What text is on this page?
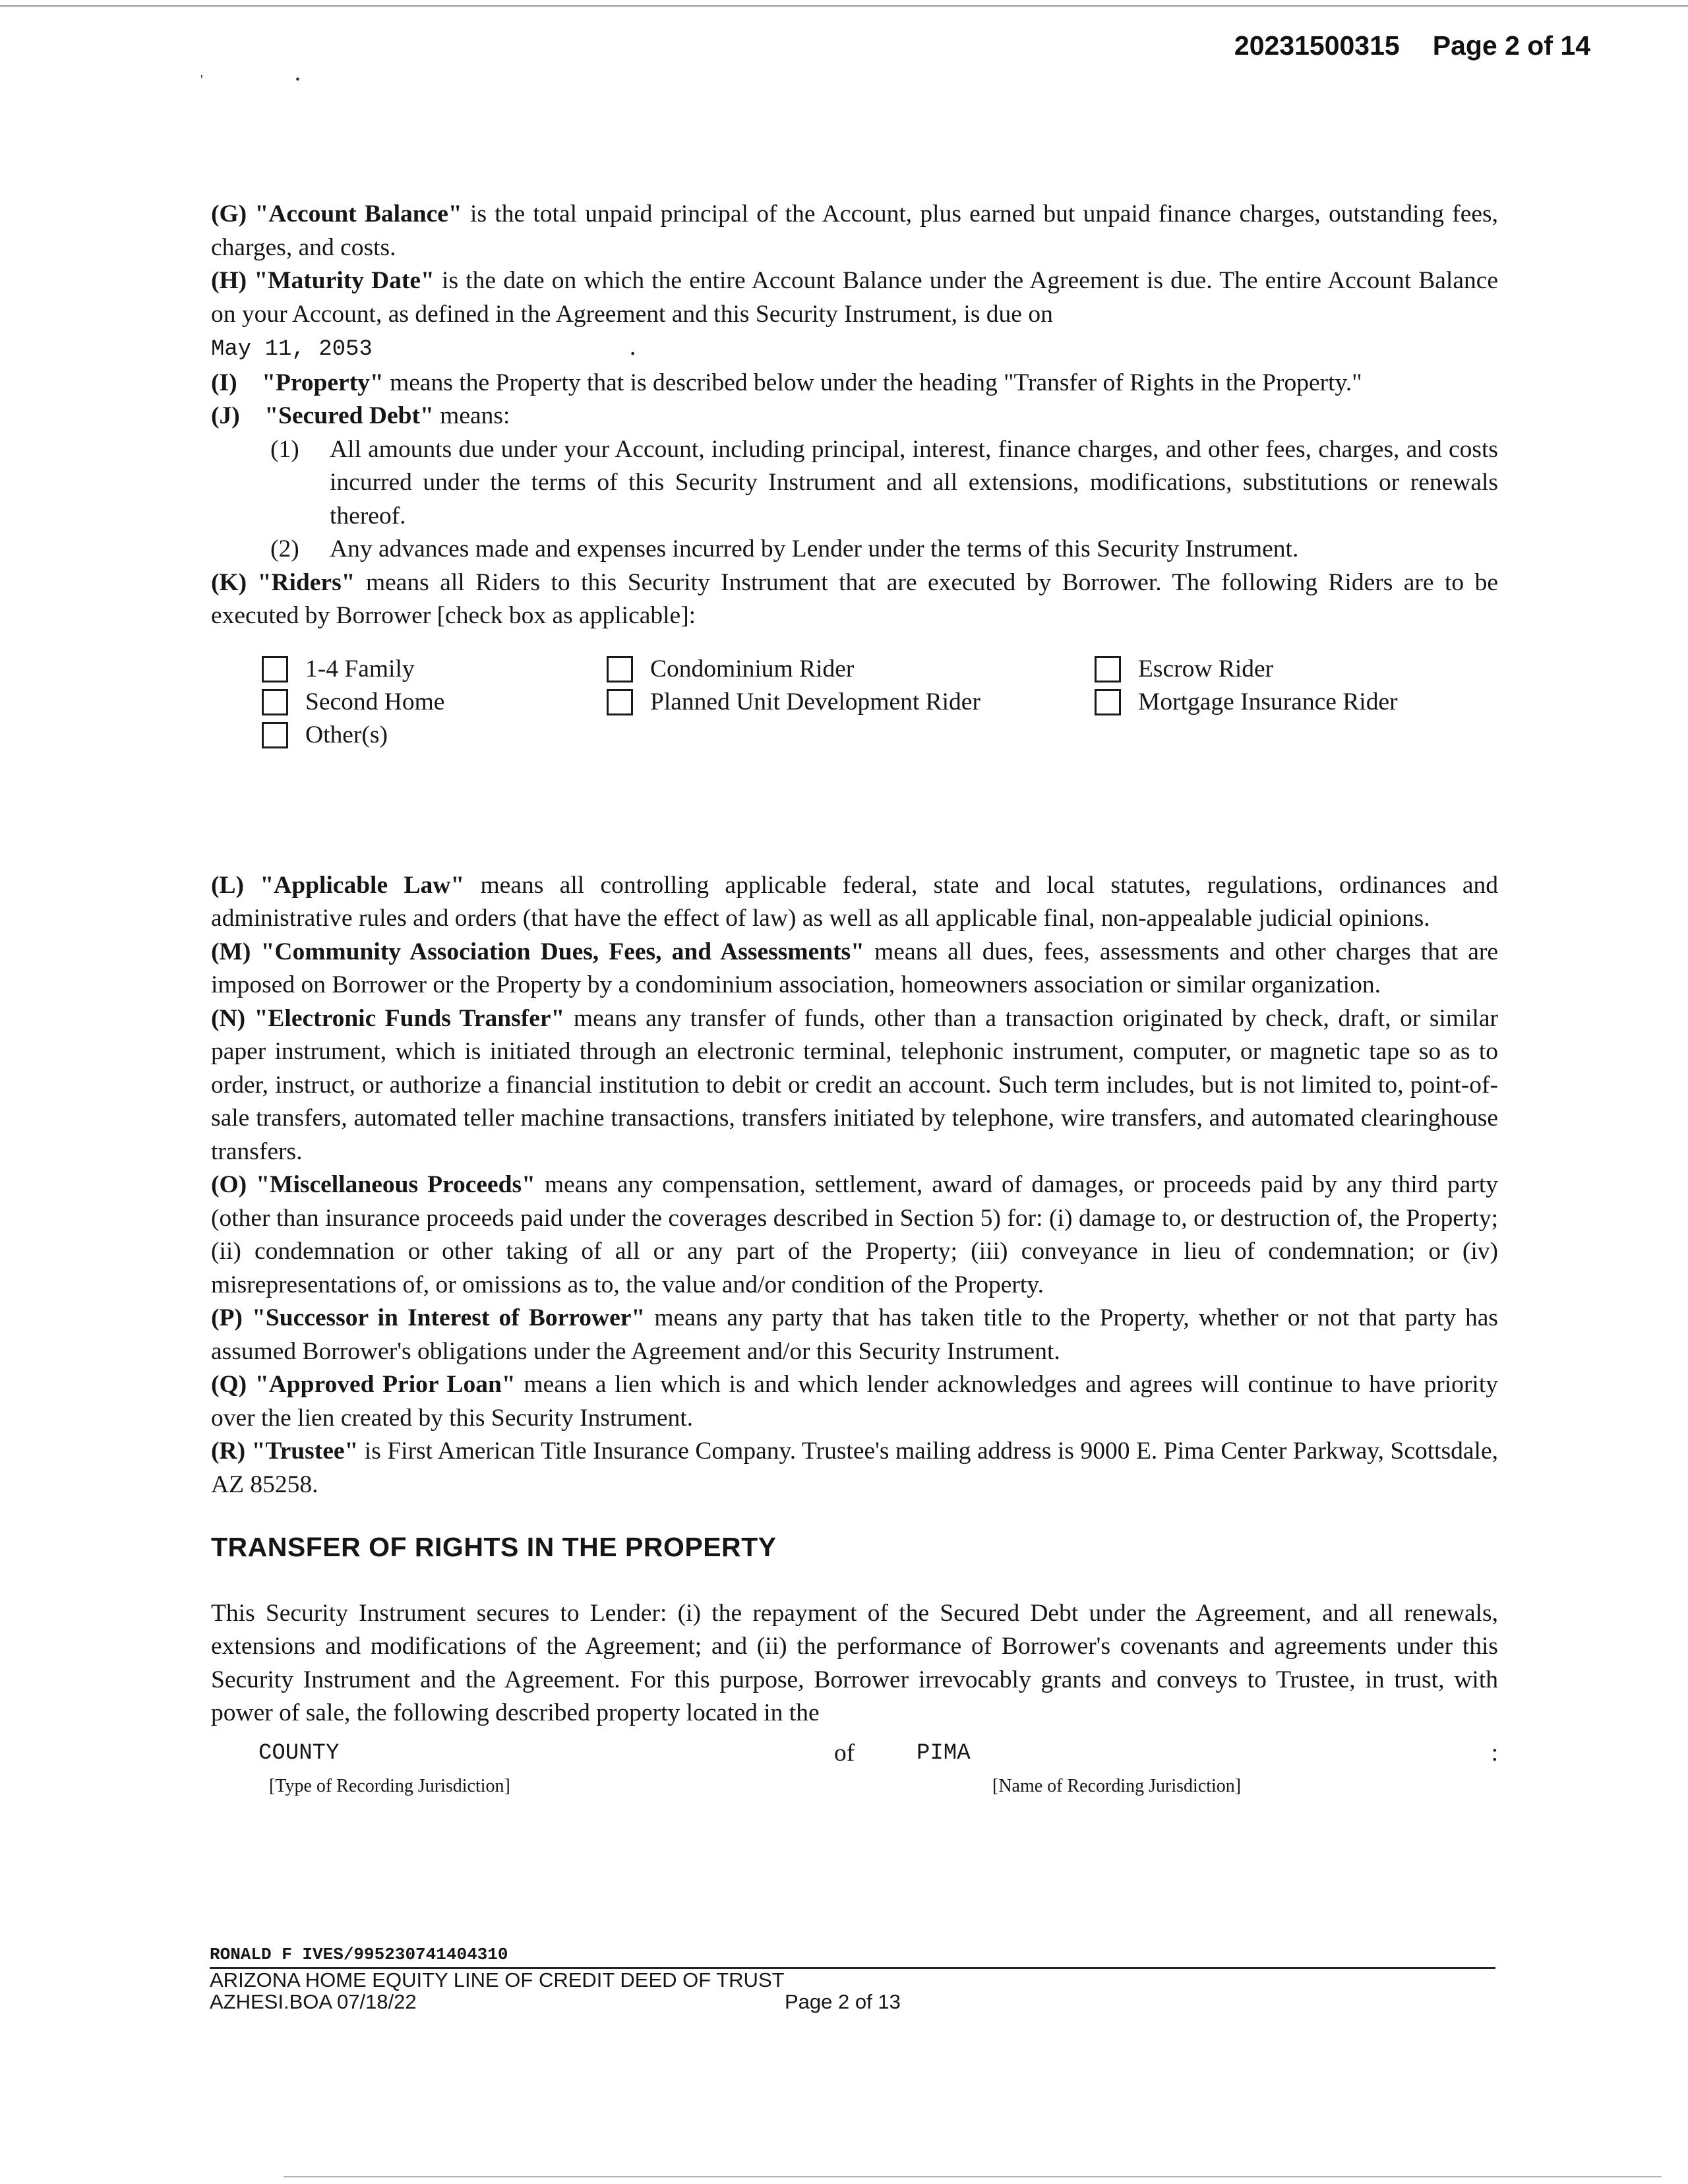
20231500315 Page 2 of 14
'	•

(G) "Account Balance" is the total unpaid principal of the Account, plus earned but unpaid finance charges, outstanding fees, charges, and costs.

(H) "Maturity Date" is the date on which the entire Account Balance under the Agreement is due. The entire Account Balance on your Account, as defined in the Agreement and this Security Instrument, is due on

May 11, 2053	.

(I) "Property" means the Property that is described below under the heading "Transfer of Rights in the Property."

(J) "Secured Debt" means:

(1)	All amounts due under your Account, including principal, interest, finance charges, and other fees, charges, and costs incurred under the terms of this Security Instrument and all extensions, modifications, substitutions or renewals thereof.
(2)	Any advances made and expenses incurred by Lender under the terms of this Security Instrument.

(K) "Riders" means all Riders to this Security Instrument that are executed by Borrower. The following Riders are to be executed by Borrower [check box as applicable]:

1-4 Family	Condominium Rider	Escrow Rider
Second Home	Planned Unit Development Rider	Mortgage Insurance Rider
Other(s)

(L) "Applicable Law" means all controlling applicable federal, state and local statutes, regulations, ordinances and administrative rules and orders (that have the effect of law) as well as all applicable final, non-appealable judicial opinions.

(M) "Community Association Dues, Fees, and Assessments" means all dues, fees, assessments and other charges that are imposed on Borrower or the Property by a condominium association, homeowners association or similar organization.

(N) "Electronic Funds Transfer" means any transfer of funds, other than a transaction originated by check, draft, or similar paper instrument, which is initiated through an electronic terminal, telephonic instrument, computer, or magnetic tape so as to order, instruct, or authorize a financial institution to debit or credit an account. Such term includes, but is not limited to, point-of-sale transfers, automated teller machine transactions, transfers initiated by telephone, wire transfers, and automated clearinghouse transfers.

(O) "Miscellaneous Proceeds" means any compensation, settlement, award of damages, or proceeds paid by any third party (other than insurance proceeds paid under the coverages described in Section 5) for: (i) damage to, or destruction of, the Property; (ii) condemnation or other taking of all or any part of the Property; (iii) conveyance in lieu of condemnation; or (iv) misrepresentations of, or omissions as to, the value and/or condition of the Property.

(P) "Successor in Interest of Borrower" means any party that has taken title to the Property, whether or not that party has assumed Borrower's obligations under the Agreement and/or this Security Instrument.

(Q) "Approved Prior Loan" means a lien which is and which lender acknowledges and agrees will continue to have priority over the lien created by this Security Instrument.

(R) "Trustee" is First American Title Insurance Company. Trustee's mailing address is 9000 E. Pima Center Parkway, Scottsdale, AZ 85258.

TRANSFER OF RIGHTS IN THE PROPERTY

This Security Instrument secures to Lender: (i) the repayment of the Secured Debt under the Agreement, and all renewals, extensions and modifications of the Agreement; and (ii) the performance of Borrower's covenants and agreements under this Security Instrument and the Agreement. For this purpose, Borrower irrevocably grants and conveys to Trustee, in trust, with power of sale, the following described property located in the

COUNTY	of	PIMA	:
[Type of Recording Jurisdiction]	[Name of Recording Jurisdiction]
RONALD F IVES/995230741404310
ARIZONA HOME EQUITY LINE OF CREDIT DEED OF TRUST
AZHESI.BOA 07/18/22	Page 2 of 13
